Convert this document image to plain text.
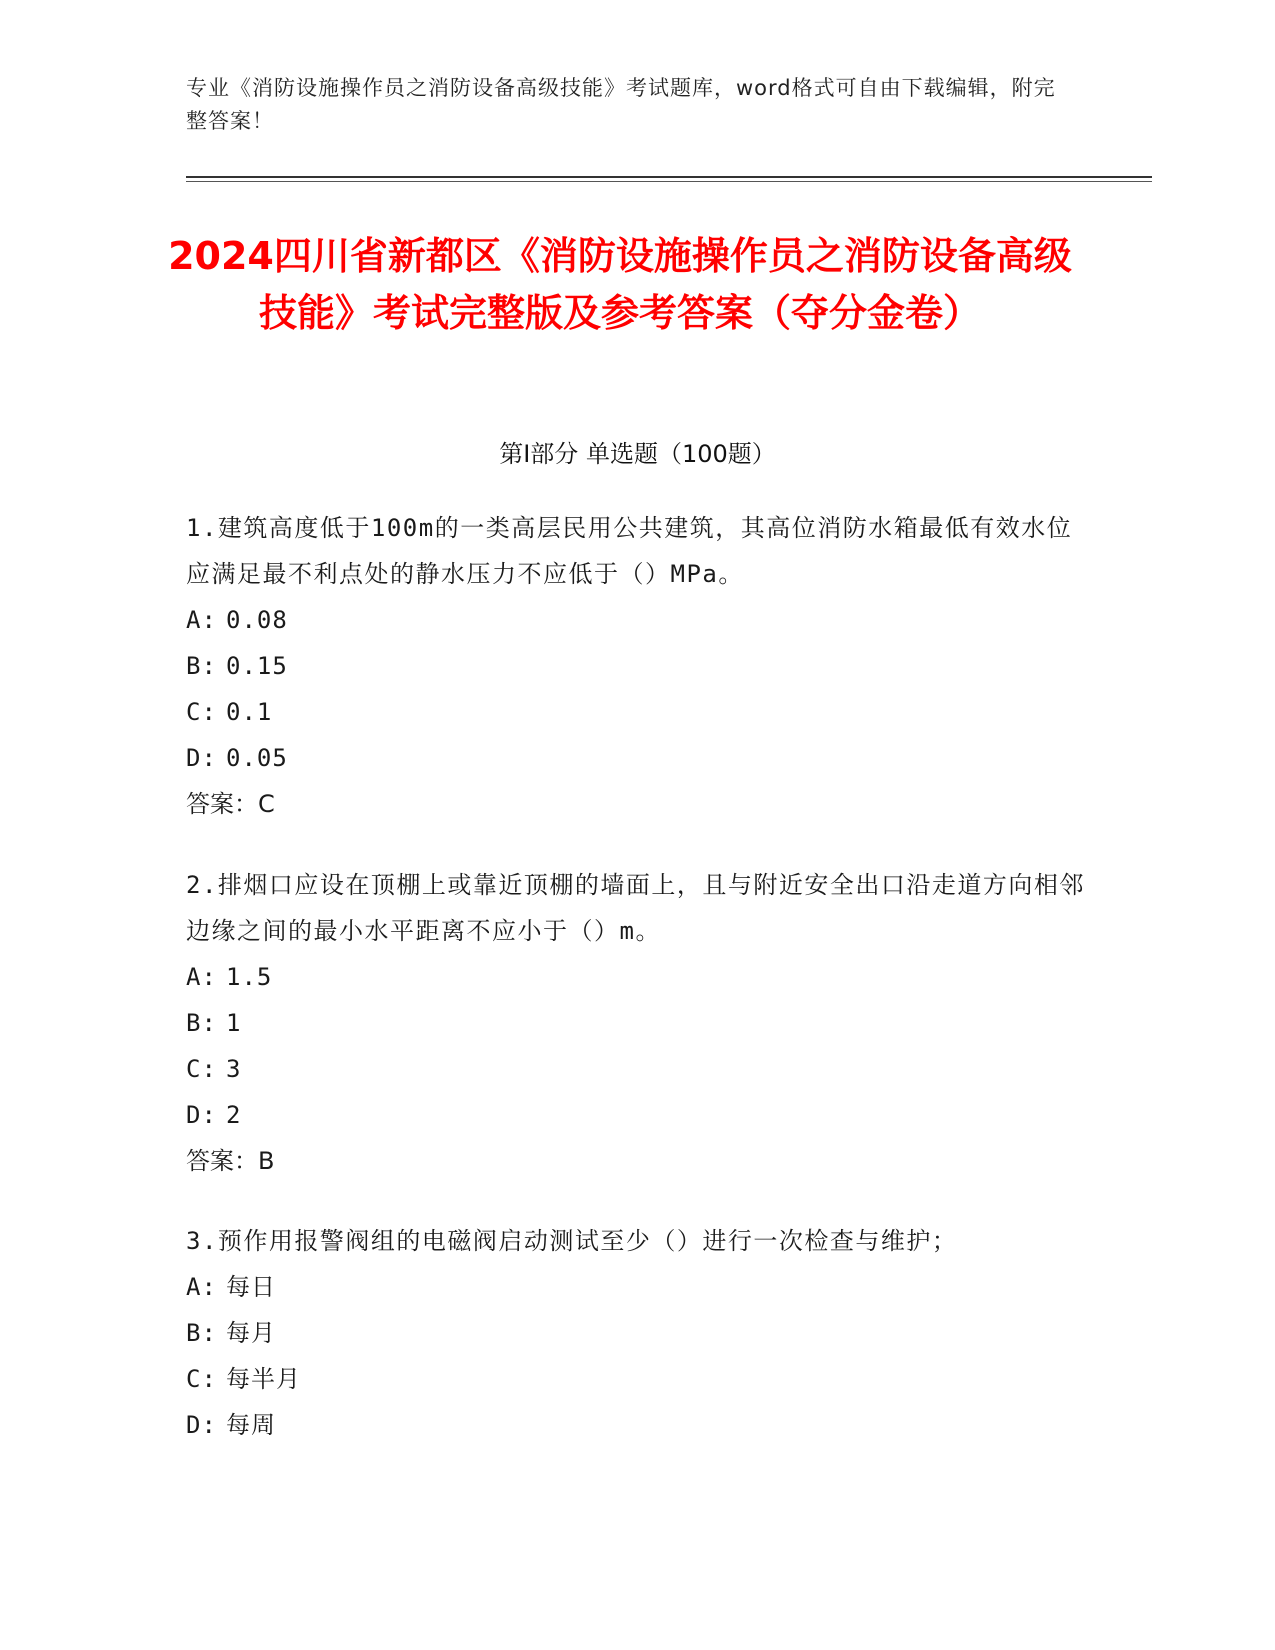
专业《消防设施操作员之消防设备高级技能》考试题库，word格式可自由下载编辑，附完整答案！
2024四川省新都区《消防设施操作员之消防设备高级技能》考试完整版及参考答案（夺分金卷）
第Ⅰ部分 单选题（100题）
1.建筑高度低于100m的一类高层民用公共建筑，其高位消防水箱最低有效水位应满足最不利点处的静水压力不应低于（）MPa。
A: 0.08
B: 0.15
C: 0.1
D: 0.05
答案：C
2.排烟口应设在顶棚上或靠近顶棚的墙面上，且与附近安全出口沿走道方向相邻边缘之间的最小水平距离不应小于（）m。
A: 1.5
B: 1
C: 3
D: 2
答案：B
3.预作用报警阀组的电磁阀启动测试至少（）进行一次检查与维护；
A: 每日
B: 每月
C: 每半月
D: 每周
